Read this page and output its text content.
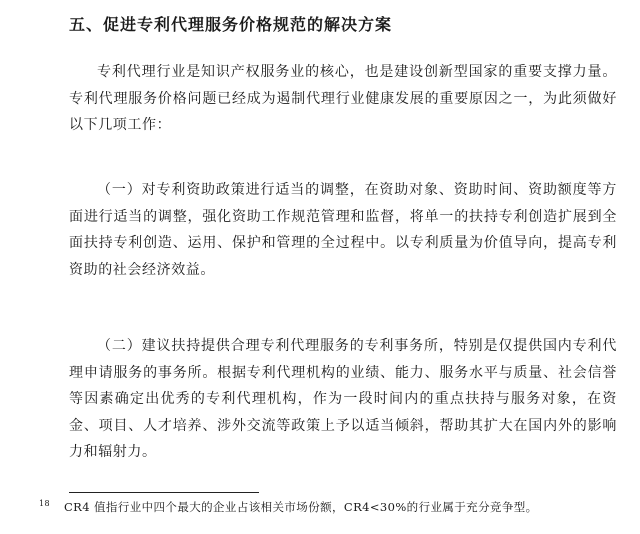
五、促进专利代理服务价格规范的解决方案

专利代理行业是知识产权服务业的核心，也是建设创新型国家的重要支撑力量。专利代理服务价格问题已经成为遏制代理行业健康发展的重要原因之一，为此须做好以下几项工作：

（一）对专利资助政策进行适当的调整，在资助对象、资助时间、资助额度等方面进行适当的调整，强化资助工作规范管理和监督，将单一的扶持专利创造扩展到全面扶持专利创造、运用、保护和管理的全过程中。以专利质量为价值导向，提高专利资助的社会经济效益。

（二）建议扶持提供合理专利代理服务的专利事务所，特别是仅提供国内专利代理申请服务的事务所。根据专利代理机构的业绩、能力、服务水平与质量、社会信誉等因素确定出优秀的专利代理机构，作为一段时间内的重点扶持与服务对象，在资金、项目、人才培养、涉外交流等政策上予以适当倾斜，帮助其扩大在国内外的影响力和辐射力。

$^{18}$ CR4 值指行业中四个最大的企业占该相关市场份额，CR4<30%的行业属于充分竞争型。
